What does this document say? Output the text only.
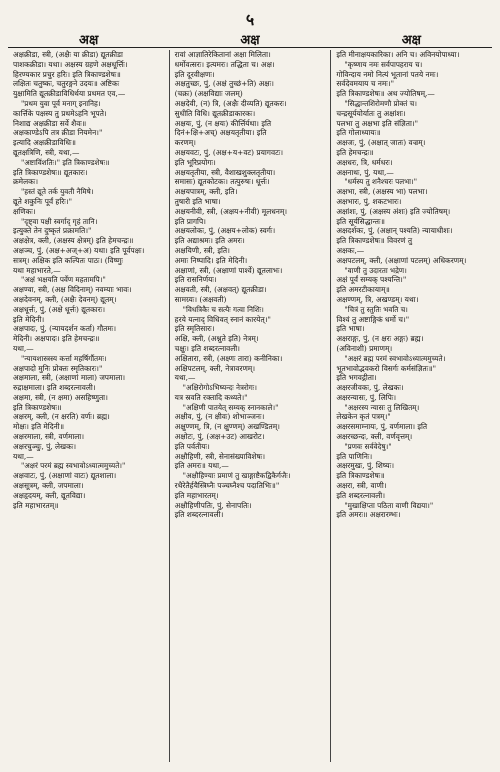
५
अक्ष	अक्ष	अक्ष

अक्षक्रीडा, स्त्री, (अक्षैः या क्रीडा) द्यूतक्रीडा

पाशकक्रीडा। यथा। अक्षस्य ग्रहणे अक्षधूर्त्तिः।

हिरण्यकार प्रचुर हरिः। इति त्रिकाण्डशेषः॥

लक्षितः चतुष्कः, चतुरङ्गने उदयः॥ अष्टिकः

युक्षामिति द्यूतक्रीडाविधिर्थया प्रथमत एव,—

"प्रथम युवा पूर्व मनाग् इनानिह।

कार्त्तिके पक्षस्य तु प्रथमेऽहनि भूपते।

निशाद्य अक्षक्रीडा सर्वे शैवः॥

अक्षकाण्डेऽपि तत्र क्रीडा नियमेन।"

इत्यादि अक्षक्रीडाविधिः॥

द्यूतक्षत्रिणि, स्त्री, यथा,—

"अष्टाविंशतिः।" इति त्रिकाण्डशेषः॥

इति त्रिकाण्डशेषः॥ द्यूतकारः।

क्रमेलकः।

"हस्तं द्यूते तर्क युवती नैमिषे।

द्यूते शकुनिः पूर्वं हरिः।"

क्षणिकः।

"दृष्ट्वा पक्षी स्वर्गाद् गृहं तानि।

इत्युक्ते तेन दुष्कृतं प्रक्रामति।"

अक्षक्षेत्र, क्ली, (अक्षस्य क्षेत्रम्) इति हेमचन्द्रः॥

अक्षञ्च, पुं, (अक्ष+अज्+अ) यथा। इति पूर्वपक्षः।

सत्रम्। अक्षिक इति कल्पितः पाठः। (विष्णुः

यथा महाभारते,—

"अक्षं भक्षयति पर्वेण महतामपि।"

अक्षण्वा, स्त्री, (अक्ष विदिनाम्) नवम्याः भावः।

अक्षदेवनम्, क्ली, (अक्षैः देवनम्) द्यूतम्।

अक्षधूर्त्तः, पुं, (अक्षे धूर्त्तः) द्यूतकारः।

इति मेदिनी।

अक्षपादः, पुं, (न्यायदर्शन कर्ता) गौतमः।

मेदिनी। अक्षपादः। इति हेमचन्द्रः॥

यथा,—

"न्यायशास्त्रस्य कर्त्ता महर्षिर्गौतमः।

अक्षपादो मुनिः प्रोक्तः स्मृतिकारः।"

अक्षमाला, स्त्री, (अक्षाणां माला) जपमाला।

रुद्राक्षमाला। इति शब्दरत्नावली।

अक्षमा, स्त्री, (न क्षमा) असहिष्णुता।

इति त्रिकाण्डशेषः॥

अक्षरम्, क्ली, (न क्षरति) वर्णः। ब्रह्म।

मोक्षः। इति मेदिनी॥

अक्षरमाला, स्त्री, वर्णमाला।

अक्षरचुञ्चुः, पुं, लेखकः।

यथा,—

"अक्षरं परमं ब्रह्म स्वभावोऽध्यात्ममुच्यते।"

अक्षवाटः, पुं, (अक्षाणां वाटः) द्यूतशाला।

अक्षसूत्रम्, क्ली, जपमाला।

अक्षहृदयम्, क्ली, द्यूतविद्या।

इति महाभारतम्॥

रावां आज्ञातिरेकितानां अक्षा मिलिता।

धर्मोवत्सरः। इत्यमरः। तद्धिता च। अक्ष।

इति दूरवीक्षणः।

अक्षतुच्छः, पुं, (अक्षं तुच्छं+ति) अक्षः।

(चक्रः) (अक्षविद्याः जलम्)

अक्षदेवी, (न) त्रि, (अक्षैः दीव्यति) द्यूतकरः।

सुधीति विधि। द्यूतक्रीडाकारकः।

अक्षयः, पुं, (न क्षयः) कीर्त्तिर्यथा। इति

दिनं+क्षि+अच्) अक्षयतृतीया। इति

करणम्।

अक्षयवटः, पुं, (अक्ष+य+वट) प्रयागवटः।

इति भूरिप्रयोगः।

अक्षयतृतीया, स्त्री, वैशाखशुक्लतृतीया।

समासः) द्यूतकोटकः। तत्पुरुषः। धूर्त्तः।

अक्षयपात्रम्, क्ली, इति।

तुषारी इति भाषा।

अक्षयनीवी, स्त्री, (अक्षय+नीवी) मूलधनम्।

इति प्रागपि।

अक्षयलोकः, पुं, (अक्षय+लोक) स्वर्गः।

इति अद्याश्रमः। इति अमरः।

अक्षयिणी, स्त्री, इति।

अमाः निष्पादि। इति मेदिनी।

अक्षाणां, स्त्री, (अक्षाणां पार्श्वे) द्यूतलाभः।

इति रासनिर्णयः।

अक्षवती, स्त्री, (अक्षवत्) द्यूतक्रीडा।

सामग्र्यः। (अक्षवती)

"विधत्रिकैः च सत्यैः गत्वा निशिः।

हरये यत्नाद् विधिवत् स्नानं कारयेत्।"

इति स्मृतिसारः।

अक्षि, क्ली, (अश्नुते इति) नेत्रम्।

चक्षुः। इति शब्दरत्नावली।

अक्षितारा, स्त्री, (अक्ष्णः तारा) कनीनिका।

अक्षिपटलम्, क्ली, नेत्रावरणम्।

यथा,—

"अक्षिरोगोऽभिष्यन्दः नेत्ररोगः।

यत्र स्रवति रक्तादि कथ्यते।"

"अक्षिणी पातयेत् सम्यक् स्नानकाले।"

अक्षीव, पुं, (न क्षीवः) शोभाञ्जनः।

अक्षुण्णम्, त्रि, (न क्षुण्णम्) अखण्डितम्।

अक्षोटः, पुं, (अक्ष+उट) आखरोट।

इति पर्वतीयः।

अक्षौहिणी, स्त्री, सेनासंख्याविशेषः।

इति अमरः॥ यथा,—

"अक्षौहिण्याः प्रमाणं तु खाङ्गाष्टैकद्विकैर्गजैः।

रथैरेतैर्हयैस्त्रिघ्नैः पञ्चघ्नैश्च पदातिभिः॥"

इति महाभारतम्।

अक्षौहिणीपतिः, पुं, सेनापतिः।

इति शब्दरत्नावली।

इति मीनाक्षयकारिका। अनि च। अविनयोपाध्या।

"कृष्णाय नमः सर्वपापहराय च।

गोविन्दाय नमो नित्यं भूतानां पतये नमः।

सर्वदेवमयाय च नमः।"

इति त्रिकाण्डशेषः॥ अथ ज्योतिषम्,—

"सिद्धान्तशिरोमणौ प्रोक्तं च।

चन्द्रसूर्ययोर्यातः तु अक्षांशः।

पलभा तु अक्षभा इति संज्ञिता।"

इति गोलाध्यायः॥

अक्षजः, पुं, (अक्षात् जातः) वज्रम्।

इति हेमचन्द्रः॥

अक्षधरः, त्रि, धर्मधरः।

अक्षनाथः, पुं, यथा,—

"धर्मस्य तु शनैश्चरः पलभा।"

अक्षभा, स्त्री, (अक्षस्य भा) पलभा।

अक्षभारः, पुं, शकटभारः।

अक्षांशः, पुं, (अक्षस्य अंशः) इति ज्योतिषम्।

इति सूर्यसिद्धान्तः॥

अक्षदर्शकः, पुं, (अक्षान् पश्यति) न्यायाधीशः।

इति त्रिकाण्डशेषः॥ विवरणं तु

अक्षकः,—

अक्षपटलम्, क्ली, (अक्षाणां पटलम्) अधिकरणम्।

"वाणी तु उदारता भद्रेण।

अक्षं पूर्वं सम्यक् पश्यन्ति।"

इति अमरटीकायाम्॥

अक्षण्णम्, त्रि, अखण्डम्। यथा।

"चित्रं तु स्तुतिः भवति च।

विश्वं तु अष्टाङ्गिकं धर्मो च।"

इति भाषा।

अक्षराङ्गः, पुं, (न क्षरः अङ्गः) ब्रह्म।

(अविनाशी) प्रमाणम्।

"अक्षरं ब्रह्म परमं स्वभावोऽध्यात्ममुच्यते।

भूतभावोद्भवकरो विसर्गः कर्मसंज्ञितः॥"

इति भगवद्गीता।

अक्षरजीवकः, पुं, लेखकः।

अक्षरन्यासः, पुं, लिपिः।

"अक्षरस्य न्यासः तु लिखितम्।

लेखकेन कृतं पत्रम्।"

अक्षरसमाम्नायः, पुं, वर्णमाला। इति

अक्षरच्छन्दः, क्ली, वर्णवृत्तम्।

"प्रणवः सर्ववेदेषु।"

इति पाणिनिः।

अक्षरमुखः, पुं, शिष्यः।

इति त्रिकाण्डशेषः॥

अक्षरा, स्त्री, वाणी।

इति शब्दरत्नावली।

"मुखाक्षिप्ता पठिता वाणी विद्यया।"

इति अमरः॥ अक्षरारम्भः।
